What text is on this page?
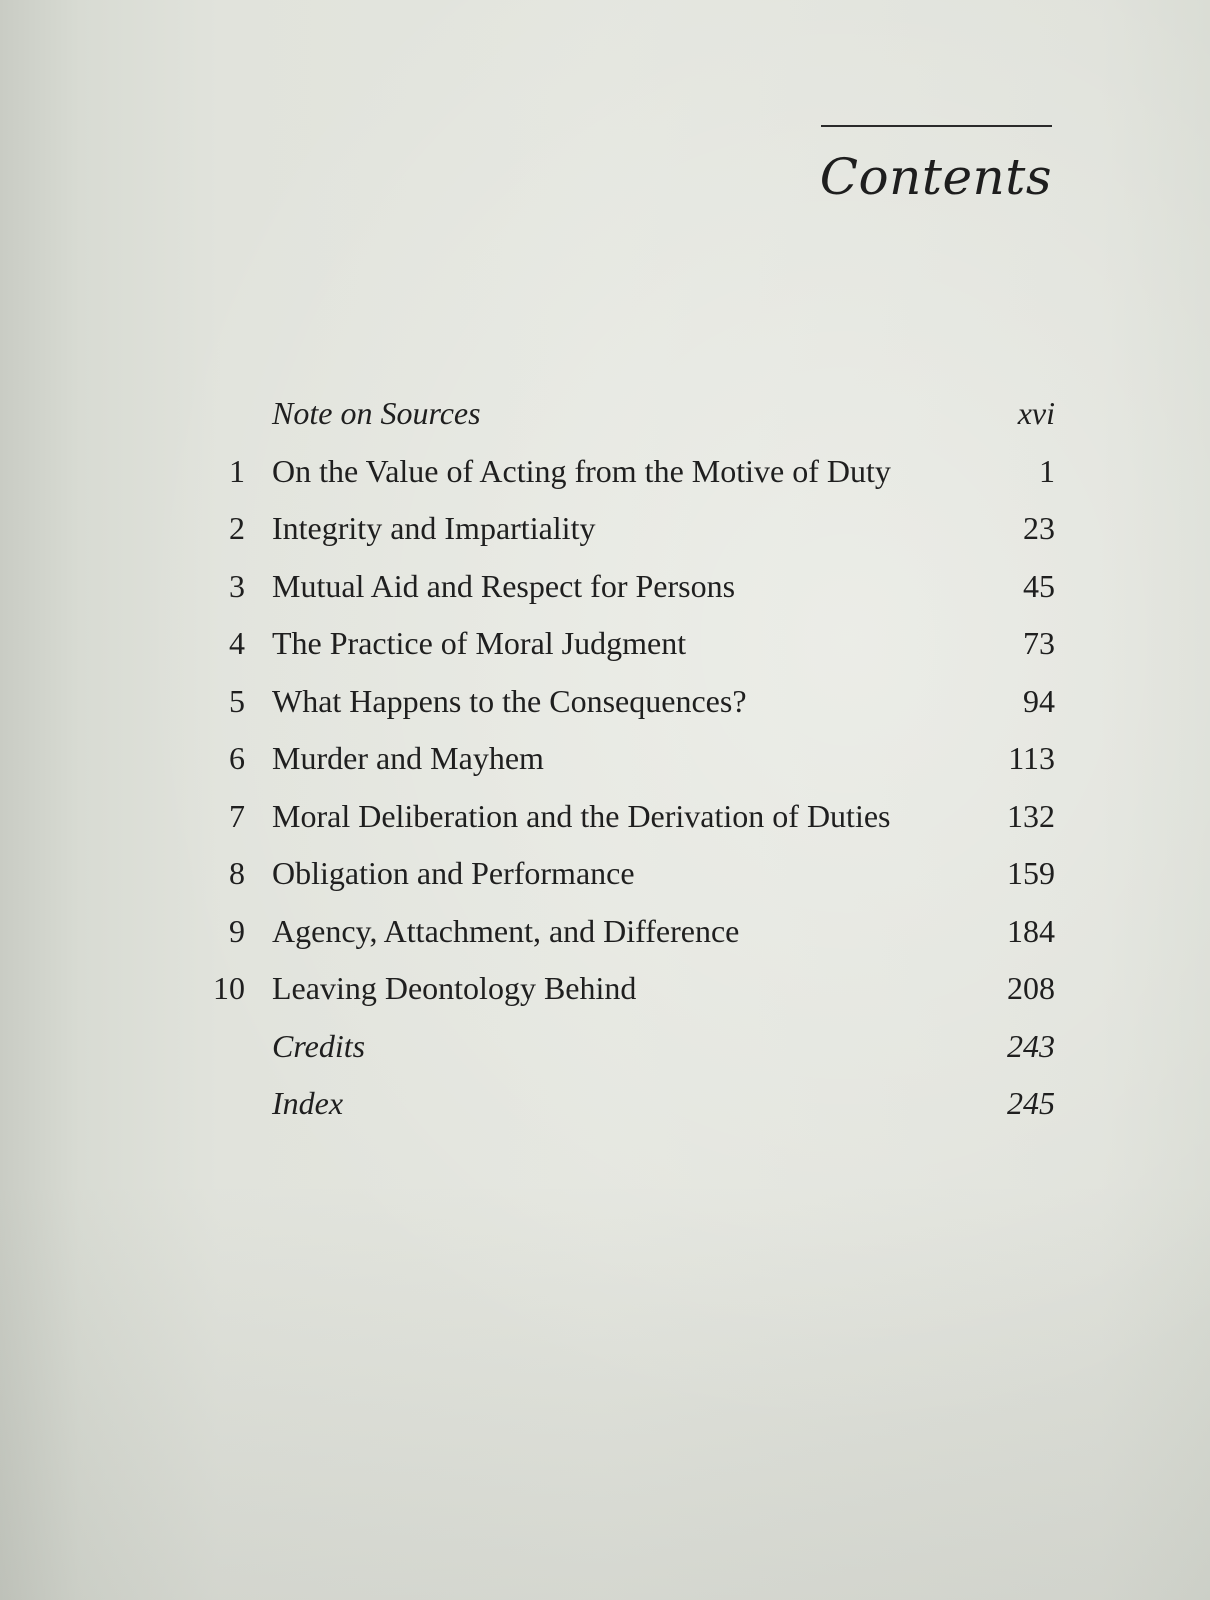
Contents
Note on Sources	xvi
1 On the Value of Acting from the Motive of Duty	1
2 Integrity and Impartiality	23
3 Mutual Aid and Respect for Persons	45
4 The Practice of Moral Judgment	73
5 What Happens to the Consequences?	94
6 Murder and Mayhem	113
7 Moral Deliberation and the Derivation of Duties	132
8 Obligation and Performance	159
9 Agency, Attachment, and Difference	184
10 Leaving Deontology Behind	208
Credits	243
Index	245
